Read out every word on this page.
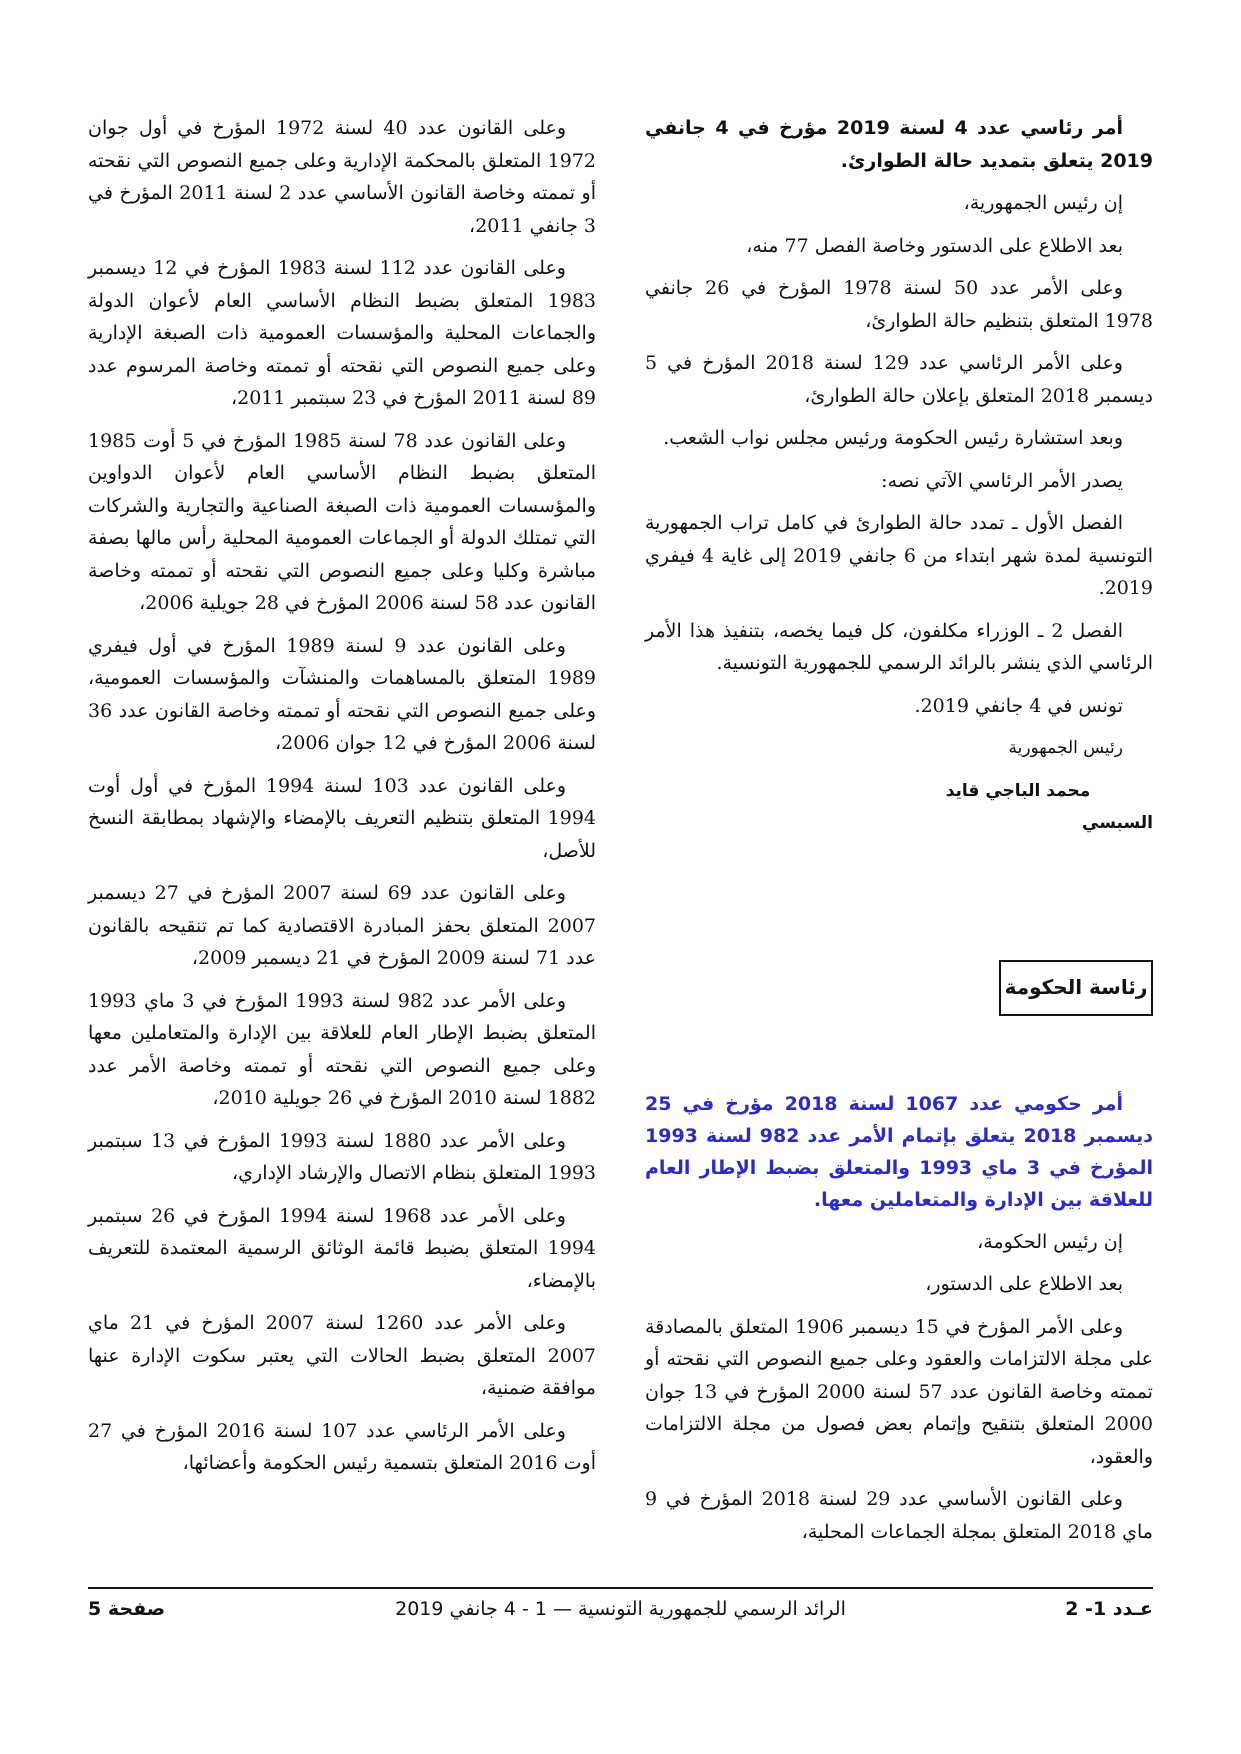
أمر رئاسي عدد 4 لسنة 2019 مؤرخ في 4 جانفي 2019 يتعلق بتمديد حالة الطوارئ.

إن رئيس الجمهورية،

بعد الاطلاع على الدستور وخاصة الفصل 77 منه،

وعلى الأمر عدد 50 لسنة 1978 المؤرخ في 26 جانفي 1978 المتعلق بتنظيم حالة الطوارئ،

وعلى الأمر الرئاسي عدد 129 لسنة 2018 المؤرخ في 5 ديسمبر 2018 المتعلق بإعلان حالة الطوارئ،

وبعد استشارة رئيس الحكومة ورئيس مجلس نواب الشعب.

يصدر الأمر الرئاسي الآتي نصه:

الفصل الأول ـ تمدد حالة الطوارئ في كامل تراب الجمهورية التونسية لمدة شهر ابتداء من 6 جانفي 2019 إلى غاية 4 فيفري 2019.

الفصل 2 ـ الوزراء مكلفون، كل فيما يخصه، بتنفيذ هذا الأمر الرئاسي الذي ينشر بالرائد الرسمي للجمهورية التونسية.

تونس في 4 جانفي 2019.

رئيس الجمهورية

محمد الباجي قايد السبسي

رئاسة الحكومة

أمر حكومي عدد 1067 لسنة 2018 مؤرخ في 25 ديسمبر 2018 يتعلق بإتمام الأمر عدد 982 لسنة 1993 المؤرخ في 3 ماي 1993 والمتعلق بضبط الإطار العام للعلاقة بين الإدارة والمتعاملين معها.

إن رئيس الحكومة،

بعد الاطلاع على الدستور،

وعلى الأمر المؤرخ في 15 ديسمبر 1906 المتعلق بالمصادقة على مجلة الالتزامات والعقود وعلى جميع النصوص التي نقحته أو تممته وخاصة القانون عدد 57 لسنة 2000 المؤرخ في 13 جوان 2000 المتعلق بتنقيح وإتمام بعض فصول من مجلة الالتزامات والعقود،

وعلى القانون الأساسي عدد 29 لسنة 2018 المؤرخ في 9 ماي 2018 المتعلق بمجلة الجماعات المحلية،

وعلى القانون عدد 40 لسنة 1972 المؤرخ في أول جوان 1972 المتعلق بالمحكمة الإدارية وعلى جميع النصوص التي نقحته أو تممته وخاصة القانون الأساسي عدد 2 لسنة 2011 المؤرخ في 3 جانفي 2011،

وعلى القانون عدد 112 لسنة 1983 المؤرخ في 12 ديسمبر 1983 المتعلق بضبط النظام الأساسي العام لأعوان الدولة والجماعات المحلية والمؤسسات العمومية ذات الصبغة الإدارية وعلى جميع النصوص التي نقحته أو تممته وخاصة المرسوم عدد 89 لسنة 2011 المؤرخ في 23 سبتمبر 2011،

وعلى القانون عدد 78 لسنة 1985 المؤرخ في 5 أوت 1985 المتعلق بضبط النظام الأساسي العام لأعوان الدواوين والمؤسسات العمومية ذات الصبغة الصناعية والتجارية والشركات التي تمتلك الدولة أو الجماعات العمومية المحلية رأس مالها بصفة مباشرة وكليا وعلى جميع النصوص التي نقحته أو تممته وخاصة القانون عدد 58 لسنة 2006 المؤرخ في 28 جويلية 2006،

وعلى القانون عدد 9 لسنة 1989 المؤرخ في أول فيفري 1989 المتعلق بالمساهمات والمنشآت والمؤسسات العمومية، وعلى جميع النصوص التي نقحته أو تممته وخاصة القانون عدد 36 لسنة 2006 المؤرخ في 12 جوان 2006،

وعلى القانون عدد 103 لسنة 1994 المؤرخ في أول أوت 1994 المتعلق بتنظيم التعريف بالإمضاء والإشهاد بمطابقة النسخ للأصل،

وعلى القانون عدد 69 لسنة 2007 المؤرخ في 27 ديسمبر 2007 المتعلق بحفز المبادرة الاقتصادية كما تم تنقيحه بالقانون عدد 71 لسنة 2009 المؤرخ في 21 ديسمبر 2009،

وعلى الأمر عدد 982 لسنة 1993 المؤرخ في 3 ماي 1993 المتعلق بضبط الإطار العام للعلاقة بين الإدارة والمتعاملين معها وعلى جميع النصوص التي نقحته أو تممته وخاصة الأمر عدد 1882 لسنة 2010 المؤرخ في 26 جويلية 2010،

وعلى الأمر عدد 1880 لسنة 1993 المؤرخ في 13 سبتمبر 1993 المتعلق بنظام الاتصال والإرشاد الإداري،

وعلى الأمر عدد 1968 لسنة 1994 المؤرخ في 26 سبتمبر 1994 المتعلق بضبط قائمة الوثائق الرسمية المعتمدة للتعريف بالإمضاء،

وعلى الأمر عدد 1260 لسنة 2007 المؤرخ في 21 ماي 2007 المتعلق بضبط الحالات التي يعتبر سكوت الإدارة عنها موافقة ضمنية،

وعلى الأمر الرئاسي عدد 107 لسنة 2016 المؤرخ في 27 أوت 2016 المتعلق بتسمية رئيس الحكومة وأعضائها،

عـدد 1- 2
الرائد الرسمي للجمهورية التونسية — 1 - 4 جانفي 2019
صفحة 5
